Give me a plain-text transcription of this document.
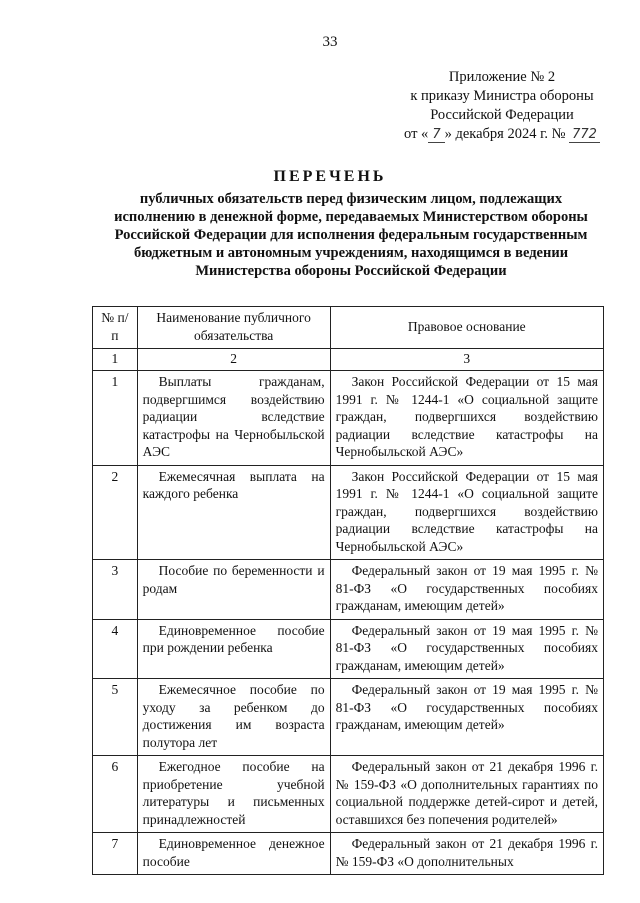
33
Приложение № 2
к приказу Министра обороны
Российской Федерации
от « 7 » декабря 2024 г. № 772
ПЕРЕЧЕНЬ
публичных обязательств перед физическим лицом, подлежащих исполнению в денежной форме, передаваемых Министерством обороны Российской Федерации для исполнения федеральным государственным бюджетным и автономным учреждениям, находящимся в ведении Министерства обороны Российской Федерации
№ п/п	Наименование публичного обязательства	Правовое основание
1	2	3
1	Выплаты гражданам, подвергшимся воздействию радиации вследствие катастрофы на Чернобыльской АЭС	Закон Российской Федерации от 15 мая 1991 г. № 1244-1 «О социальной защите граждан, подвергшихся воздействию радиации вследствие катастрофы на Чернобыльской АЭС»
2	Ежемесячная выплата на каждого ребенка	Закон Российской Федерации от 15 мая 1991 г. № 1244-1 «О социальной защите граждан, подвергшихся воздействию радиации вследствие катастрофы на Чернобыльской АЭС»
3	Пособие по беременности и родам	Федеральный закон от 19 мая 1995 г. № 81-ФЗ «О государственных пособиях гражданам, имеющим детей»
4	Единовременное пособие при рождении ребенка	Федеральный закон от 19 мая 1995 г. № 81-ФЗ «О государственных пособиях гражданам, имеющим детей»
5	Ежемесячное пособие по уходу за ребенком до достижения им возраста полутора лет	Федеральный закон от 19 мая 1995 г. № 81-ФЗ «О государственных пособиях гражданам, имеющим детей»
6	Ежегодное пособие на приобретение учебной литературы и письменных принадлежностей	Федеральный закон от 21 декабря 1996 г. № 159-ФЗ «О дополнительных гарантиях по социальной поддержке детей-сирот и детей, оставшихся без попечения родителей»
7	Единовременное денежное пособие	Федеральный закон от 21 декабря 1996 г. № 159-ФЗ «О дополнительных
